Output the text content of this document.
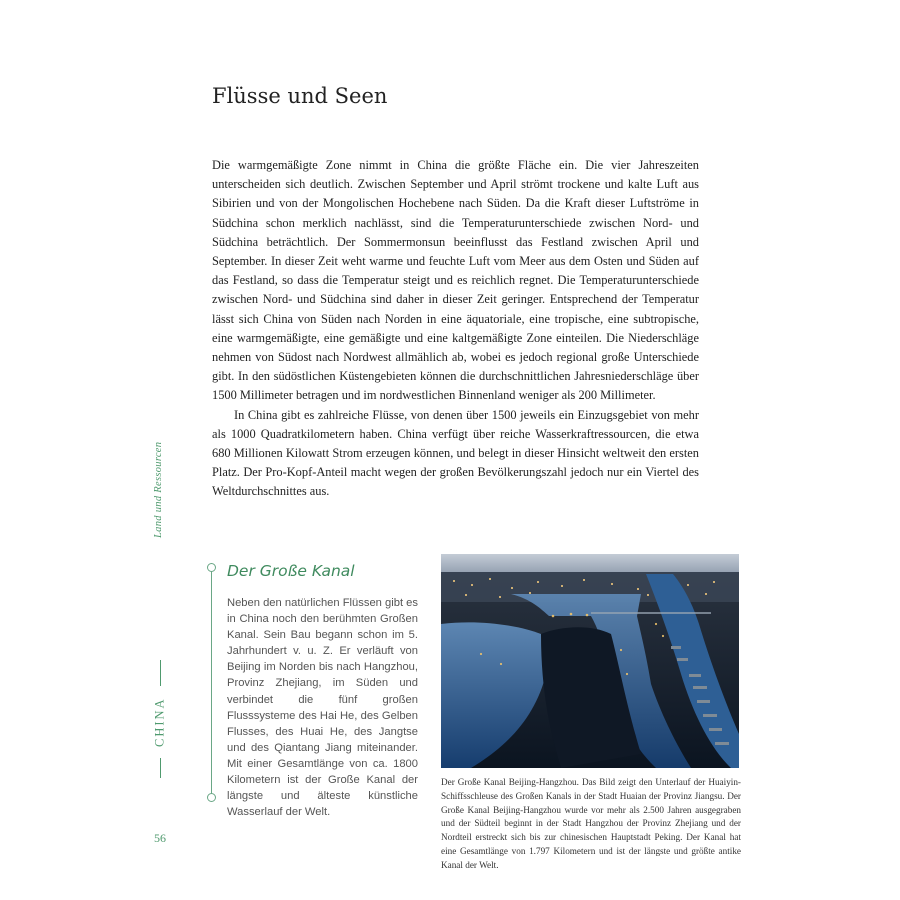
Flüsse und Seen

Die warmgemäßigte Zone nimmt in China die größte Fläche ein. Die vier Jahreszeiten unterscheiden sich deutlich. Zwischen September und April strömt trockene und kalte Luft aus Sibirien und von der Mongolischen Hochebene nach Süden. Da die Kraft dieser Luftströme in Südchina schon merklich nachlässt, sind die Temperaturunterschiede zwischen Nord- und Südchina beträchtlich. Der Sommermonsun beeinflusst das Festland zwischen April und September. In dieser Zeit weht warme und feuchte Luft vom Meer aus dem Osten und Süden auf das Festland, so dass die Temperatur steigt und es reichlich regnet. Die Temperaturunterschiede zwischen Nord- und Südchina sind daher in dieser Zeit geringer. Entsprechend der Temperatur lässt sich China von Süden nach Norden in eine äquatoriale, eine tropische, eine subtropische, eine warmgemäßigte, eine gemäßigte und eine kaltgemäßigte Zone einteilen. Die Niederschläge nehmen von Südost nach Nordwest allmählich ab, wobei es jedoch regional große Unterschiede gibt. In den südöstlichen Küstengebieten können die durchschnittlichen Jahresniederschläge über 1500 Millimeter betragen und im nordwestlichen Binnenland weniger als 200 Millimeter.

In China gibt es zahlreiche Flüsse, von denen über 1500 jeweils ein Einzugsgebiet von mehr als 1000 Quadratkilometern haben. China verfügt über reiche Wasserkraftressourcen, die etwa 680 Millionen Kilowatt Strom erzeugen können, und belegt in dieser Hinsicht weltweit den ersten Platz. Der Pro-Kopf-Anteil macht wegen der großen Bevölkerungszahl jedoch nur ein Viertel des Weltdurchschnittes aus.

Land und Ressourcen
CHINA
56
Der Große Kanal
Neben den natürlichen Flüssen gibt es in China noch den berühmten Großen Kanal. Sein Bau begann schon im 5. Jahrhundert v. u. Z. Er verläuft von Beijing im Norden bis nach Hangzhou, Provinz Zhejiang, im Süden und verbindet die fünf großen Flusssysteme des Hai He, des Gelben Flusses, des Huai He, des Jangtse und des Qiantang Jiang miteinander. Mit einer Gesamtlänge von ca. 1800 Kilometern ist der Große Kanal der längste und älteste künstliche Wasserlauf der Welt.
Der Große Kanal Beijing-Hangzhou. Das Bild zeigt den Unterlauf der Huaiyin-Schiffsschleuse des Großen Kanals in der Stadt Huaian der Provinz Jiangsu. Der Große Kanal Beijing-Hangzhou wurde vor mehr als 2.500 Jahren ausgegraben und der Südteil beginnt in der Stadt Hangzhou der Provinz Zhejiang und der Nordteil erstreckt sich bis zur chinesischen Hauptstadt Peking. Der Kanal hat eine Gesamtlänge von 1.797 Kilometern und ist der längste und größte antike Kanal der Welt.
